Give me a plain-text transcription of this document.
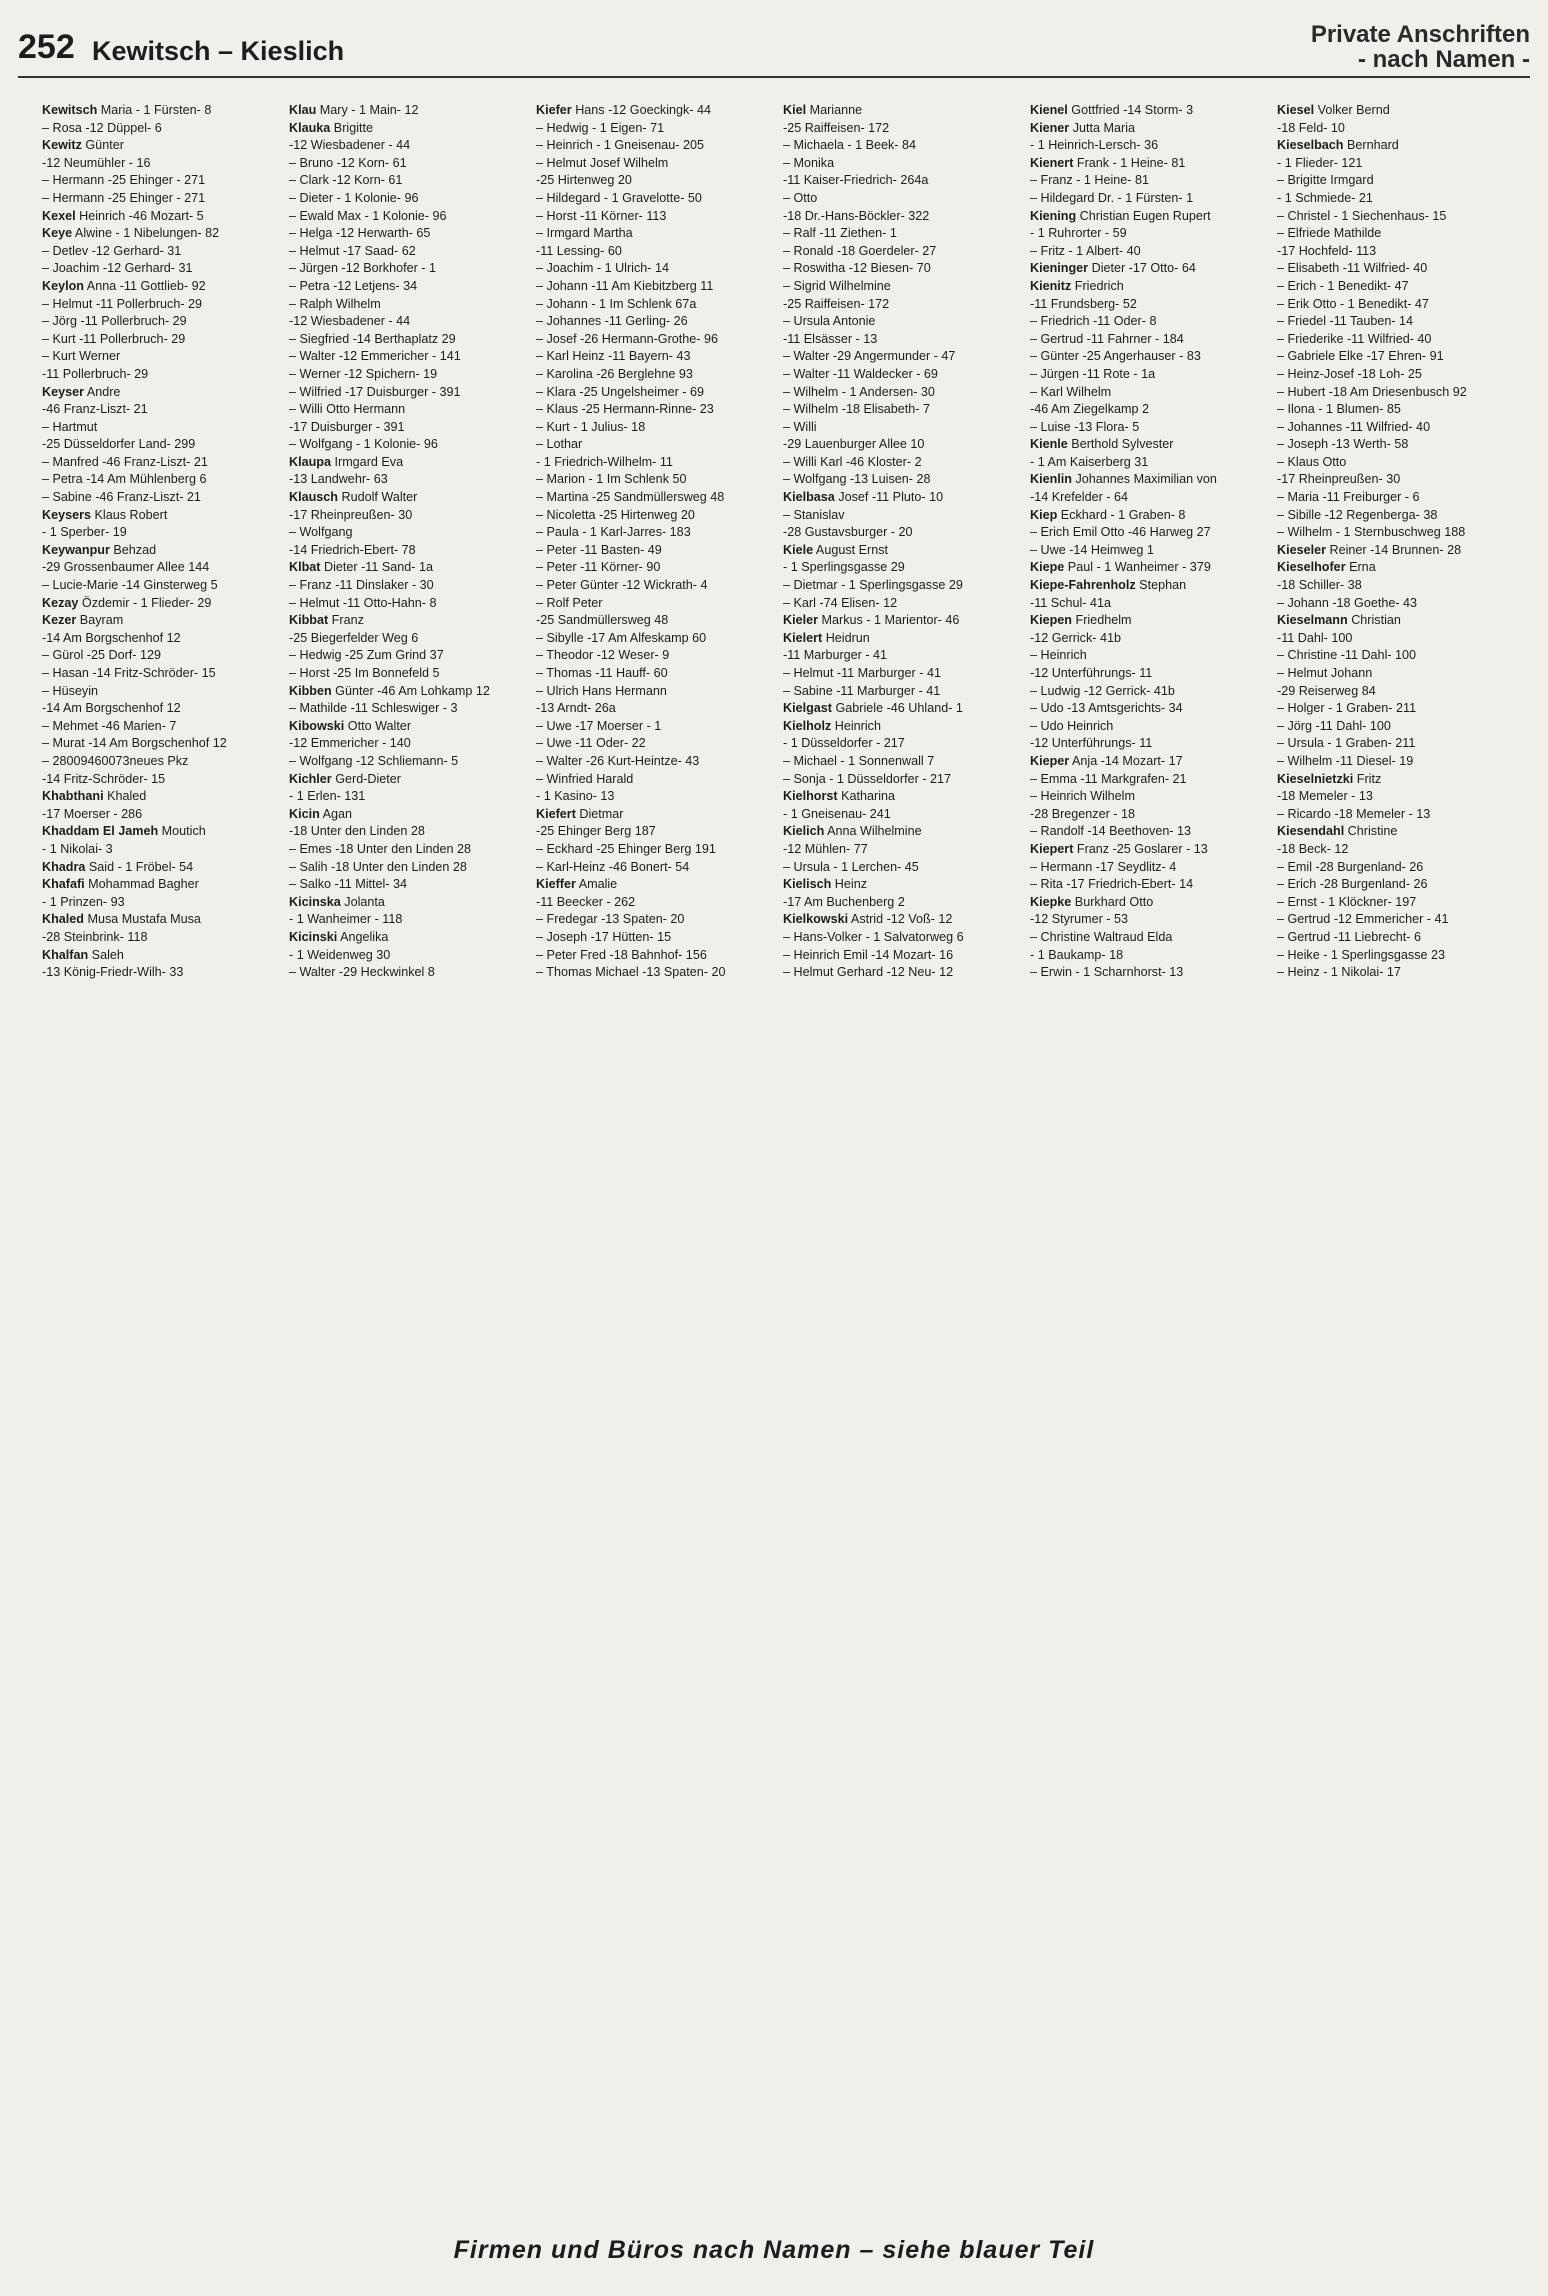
252 Kewitsch – Kieslich
Private Anschriften
- nach Namen -
Kewitsch Maria - 1 Fürsten- 8
– Rosa -12 Düppel- 6
Kewitz Günter
-12 Neumühler - 16
– Hermann -25 Ehinger - 271
– Hermann -25 Ehinger - 271
Kexel Heinrich -46 Mozart- 5
Keye Alwine - 1 Nibelungen- 82
– Detlev -12 Gerhard- 31
– Joachim -12 Gerhard- 31
Keylon Anna -11 Gottlieb- 92
– Helmut -11 Pollerbruch- 29
– Jörg -11 Pollerbruch- 29
– Kurt -11 Pollerbruch- 29
– Kurt Werner
-11 Pollerbruch- 29
Keyser Andre
-46 Franz-Liszt- 21
– Hartmut
-25 Düsseldorfer Land- 299
– Manfred -46 Franz-Liszt- 21
– Petra -14 Am Mühlenberg 6
– Sabine -46 Franz-Liszt- 21
Keysers Klaus Robert
- 1 Sperber- 19
Keywanpur Behzad
-29 Grossenbaumer Allee 144
– Lucie-Marie -14 Ginsterweg 5
Kezay Özdemir - 1 Flieder- 29
Kezer Bayram
-14 Am Borgschenhof 12
– Gürol -25 Dorf- 129
– Hasan -14 Fritz-Schröder- 15
– Hüseyin
-14 Am Borgschenhof 12
– Mehmet -46 Marien- 7
– Murat -14 Am Borgschenhof 12
– 28009460073neues Pkz
-14 Fritz-Schröder- 15
Khabthani Khaled
-17 Moerser - 286
Khaddam El Jameh Moutich
- 1 Nikolai- 3
Khadra Said - 1 Fröbel- 54
Khafafi Mohammad Bagher
- 1 Prinzen- 93
Khaled Musa Mustafa Musa
-28 Steinbrink- 118
Khalfan Saleh
-13 König-Friedr-Wilh- 33
Klau Mary - 1 Main- 12
Klauka Brigitte
-12 Wiesbadener - 44
– Bruno -12 Korn- 61
– Clark -12 Korn- 61
– Dieter - 1 Kolonie- 96
– Ewald Max - 1 Kolonie- 96
– Helga -12 Herwarth- 65
– Helmut -17 Saad- 62
– Jürgen -12 Borkhofer - 1
– Petra -12 Letjens- 34
– Ralph Wilhelm
-12 Wiesbadener - 44
– Siegfried -14 Berthaplatz 29
– Walter -12 Emmericher - 141
– Werner -12 Spichern- 19
– Wilfried -17 Duisburger - 391
– Willi Otto Hermann
-17 Duisburger - 391
– Wolfgang - 1 Kolonie- 96
Klaupa Irmgard Eva
-13 Landwehr- 63
Klausch Rudolf Walter
-17 Rheinpreußen- 30
– Wolfgang
-14 Friedrich-Ebert- 78
Klbat Dieter -11 Sand- 1a
– Franz -11 Dinslaker - 30
– Helmut -11 Otto-Hahn- 8
Kibbat Franz
-25 Biegerfelder Weg 6
– Hedwig -25 Zum Grind 37
– Horst -25 Im Bonnefeld 5
Kibben Günter -46 Am Lohkamp 12
– Mathilde -11 Schleswiger - 3
Kibowski Otto Walter
-12 Emmericher - 140
– Wolfgang -12 Schliemann- 5
Kichler Gerd-Dieter
- 1 Erlen- 131
Kicin Agan
-18 Unter den Linden 28
– Emes -18 Unter den Linden 28
– Salih -18 Unter den Linden 28
– Salko -11 Mittel- 34
Kicinska Jolanta
- 1 Wanheimer - 118
Kicinski Angelika
- 1 Weidenweg 30
– Walter -29 Heckwinkel 8
Kiefer Hans -12 Goeckingk- 44
– Hedwig - 1 Eigen- 71
– Heinrich - 1 Gneisenau- 205
– Helmut Josef Wilhelm
-25 Hirtenweg 20
– Hildegard - 1 Gravelotte- 50
– Horst -11 Körner- 113
– Irmgard Martha
-11 Lessing- 60
– Joachim - 1 Ulrich- 14
– Johann -11 Am Kiebitzberg 11
– Johann - 1 Im Schlenk 67a
– Johannes -11 Gerling- 26
– Josef -26 Hermann-Grothe- 96
– Karl Heinz -11 Bayern- 43
– Karolina -26 Berglehne 93
– Klara -25 Ungelsheimer - 69
– Klaus -25 Hermann-Rinne- 23
– Kurt - 1 Julius- 18
– Lothar
- 1 Friedrich-Wilhelm- 11
– Marion - 1 Im Schlenk 50
– Martina -25 Sandmüllersweg 48
– Nicoletta -25 Hirtenweg 20
– Paula - 1 Karl-Jarres- 183
– Peter -11 Basten- 49
– Peter -11 Körner- 90
– Peter Günter -12 Wickrath- 4
– Rolf Peter
-25 Sandmüllersweg 48
– Sibylle -17 Am Alfeskamp 60
– Theodor -12 Weser- 9
– Thomas -11 Hauff- 60
– Ulrich Hans Hermann
-13 Arndt- 26a
– Uwe -17 Moerser - 1
– Uwe -11 Oder- 22
– Walter -26 Kurt-Heintze- 43
– Winfried Harald
- 1 Kasino- 13
Kiefert Dietmar
-25 Ehinger Berg 187
– Eckhard -25 Ehinger Berg 191
– Karl-Heinz -46 Bonert- 54
Kieffer Amalie
-11 Beecker - 262
– Fredegar -13 Spaten- 20
– Joseph -17 Hütten- 15
– Peter Fred -18 Bahnhof- 156
– Thomas Michael -13 Spaten- 20
Kiel Marianne
-25 Raiffeisen- 172
– Michaela - 1 Beek- 84
– Monika
-11 Kaiser-Friedrich- 264a
– Otto
-18 Dr.-Hans-Böckler- 322
– Ralf -11 Ziethen- 1
– Ronald -18 Goerdeler- 27
– Roswitha -12 Biesen- 70
– Sigrid Wilhelmine
-25 Raiffeisen- 172
– Ursula Antonie
-11 Elsässer - 13
– Walter -29 Angermunder - 47
– Walter -11 Waldecker - 69
– Wilhelm - 1 Andersen- 30
– Wilhelm -18 Elisabeth- 7
– Willi
-29 Lauenburger Allee 10
– Willi Karl -46 Kloster- 2
– Wolfgang -13 Luisen- 28
Kielbasa Josef -11 Pluto- 10
– Stanislav
-28 Gustavsburger - 20
Kiele August Ernst
- 1 Sperlingsgasse 29
– Dietmar - 1 Sperlingsgasse 29
– Karl -74 Elisen- 12
Kieler Markus - 1 Marientor- 46
Kielert Heidrun
-11 Marburger - 41
– Helmut -11 Marburger - 41
– Sabine -11 Marburger - 41
Kielgast Gabriele -46 Uhland- 1
Kielholz Heinrich
- 1 Düsseldorfer - 217
– Michael - 1 Sonnenwall 7
– Sonja - 1 Düsseldorfer - 217
Kielhorst Katharina
- 1 Gneisenau- 241
Kielich Anna Wilhelmine
-12 Mühlen- 77
– Ursula - 1 Lerchen- 45
Kielisch Heinz
-17 Am Buchenberg 2
Kielkowski Astrid -12 Voß- 12
– Hans-Volker - 1 Salvatorweg 6
– Heinrich Emil -14 Mozart- 16
– Helmut Gerhard -12 Neu- 12
Kienel Gottfried -14 Storm- 3
Kiener Jutta Maria
- 1 Heinrich-Lersch- 36
Kienert Frank - 1 Heine- 81
– Franz - 1 Heine- 81
– Hildegard Dr. - 1 Fürsten- 1
Kiening Christian Eugen Rupert
- 1 Ruhrorter - 59
– Fritz - 1 Albert- 40
Kieninger Dieter -17 Otto- 64
Kienitz Friedrich
-11 Frundsberg- 52
– Friedrich -11 Oder- 8
– Gertrud -11 Fahrner - 184
– Günter -25 Angerhauser - 83
– Jürgen -11 Rote - 1a
– Karl Wilhelm
-46 Am Ziegelkamp 2
– Luise -13 Flora- 5
Kienle Berthold Sylvester
- 1 Am Kaiserberg 31
Kienlin Johannes Maximilian von
-14 Krefelder - 64
Kiep Eckhard - 1 Graben- 8
– Erich Emil Otto -46 Harweg 27
– Uwe -14 Heimweg 1
Kiepe Paul - 1 Wanheimer - 379
Kiepe-Fahrenholz Stephan
-11 Schul- 41a
Kiepen Friedhelm
-12 Gerrick- 41b
– Heinrich
-12 Unterführungs- 11
– Ludwig -12 Gerrick- 41b
– Udo -13 Amtsgerichts- 34
– Udo Heinrich
-12 Unterführungs- 11
Kieper Anja -14 Mozart- 17
– Emma -11 Markgrafen- 21
– Heinrich Wilhelm
-28 Bregenzer - 18
– Randolf -14 Beethoven- 13
Kiepert Franz -25 Goslarer - 13
– Hermann -17 Seydlitz- 4
– Rita -17 Friedrich-Ebert- 14
Kiepke Burkhard Otto
-12 Styrumer - 53
– Christine Waltraud Elda
- 1 Baukamp- 18
– Erwin - 1 Scharnhorst- 13
Kiesel Volker Bernd
-18 Feld- 10
Kieselbach Bernhard
- 1 Flieder- 121
– Brigitte Irmgard
- 1 Schmiede- 21
– Christel - 1 Siechenhaus- 15
– Elfriede Mathilde
-17 Hochfeld- 113
– Elisabeth -11 Wilfried- 40
– Erich - 1 Benedikt- 47
– Erik Otto - 1 Benedikt- 47
– Friedel -11 Tauben- 14
– Friederike -11 Wilfried- 40
– Gabriele Elke -17 Ehren- 91
– Heinz-Josef -18 Loh- 25
– Hubert -18 Am Driesenbusch 92
– Ilona - 1 Blumen- 85
– Johannes -11 Wilfried- 40
– Joseph -13 Werth- 58
– Klaus Otto
-17 Rheinpreußen- 30
– Maria -11 Freiburger - 6
– Sibille -12 Regenberga- 38
– Wilhelm - 1 Sternbuschweg 188
Kieseler Reiner -14 Brunnen- 28
Kieselhofer Erna
-18 Schiller- 38
– Johann -18 Goethe- 43
Kieselmann Christian
-11 Dahl- 100
– Christine -11 Dahl- 100
– Helmut Johann
-29 Reiserweg 84
– Holger - 1 Graben- 211
– Jörg -11 Dahl- 100
– Ursula - 1 Graben- 211
– Wilhelm -11 Diesel- 19
Kieselnietzki Fritz
-18 Memeler - 13
– Ricardo -18 Memeler - 13
Kiesendahl Christine
-18 Beck- 12
– Emil -28 Burgenland- 26
– Erich -28 Burgenland- 26
– Ernst - 1 Klöckner- 197
– Gertrud -12 Emmericher - 41
– Gertrud -11 Liebrecht- 6
– Heike - 1 Sperlingsgasse 23
– Heinz - 1 Nikolai- 17
Firmen und Büros nach Namen – siehe blauer Teil
